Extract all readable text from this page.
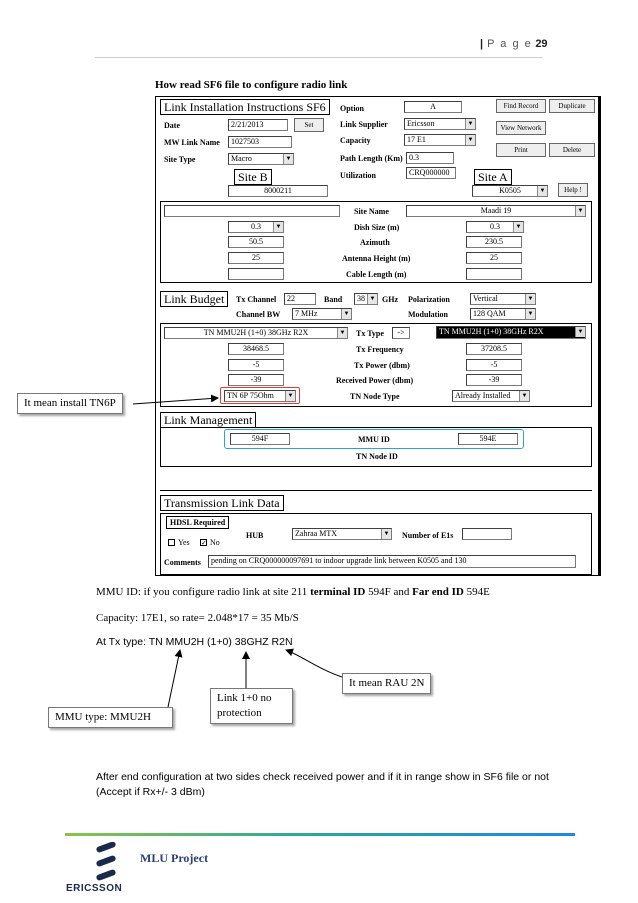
| P a g e 29
How read SF6 file to configure radio link
Link Installation Instructions SF6
Date	2/21/2013	Set
MW Link Name	1027503
Site Type	Macro	▼
Option	A
Link Supplier	Ericsson	▼
Capacity	17 E1	▼
Path Length (Km) 0.3
Utilization	CRQ000000
Find Record	Duplicate
View Network
Print	Delete
Site B
8000211
Site A
K0505	▼	Help !
Site Name	Maadi 19	▼
0.3	▼	Dish Size (m)	0.3	▼
50.5	Azimuth	230.5
25	Antenna Height (m)	25
Cable Length (m)
Link Budget	Tx Channel	22	Band	38 ▼ GHz Polarization	Vertical	▼
Channel BW	7 MHz	▼	Modulation	128 QAM	▼
TN MMU2H (1+0) 38GHz R2X	▼ Tx Type	->	TN MMU2H (1+0) 38GHz R2X	▼
38468.5	Tx Frequency	37208.5
-5	Tx Power (dbm)	-5
-39	Received Power (dbm)	-39
TN 6P 75Ohm	▼	TN Node Type	Already Installed	▼
Link Management
594F	MMU ID	594E
TN Node ID
Transmission Link Data
HDSL Required
HUB	Zahraa MTX	▼ Number of E1s
Yes ✓ No
Comments	pending on CRQ000000097691 to indoor upgrade link between K0505 and 130
It mean install TN6P
MMU ID: if you configure radio link at site 211 terminal ID 594F and Far end ID 594E
Capacity: 17E1, so rate= 2.048*17 = 35 Mb/S
At Tx type: TN MMU2H (1+0) 38GHZ R2N
It mean RAU 2N
Link 1+0 no protection
MMU type: MMU2H
After end configuration at two sides check received power and if it in range show in SF6 file or not (Accept if Rx+/- 3 dBm)
MLU Project
ERICSSON
